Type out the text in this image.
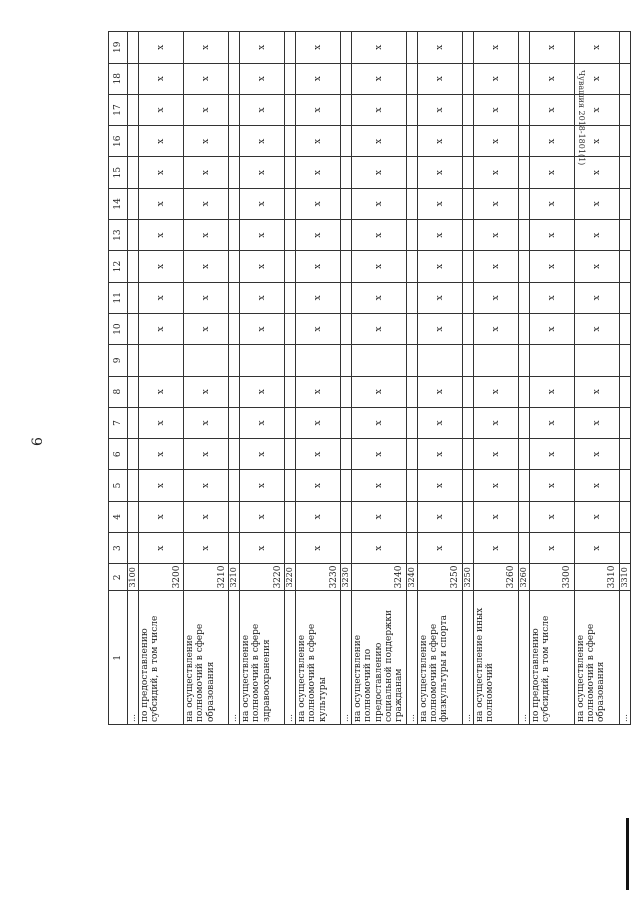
6
Чувашия 2018-1801(1)
1	2	3	4	5	6	7	8	9	10	11	12	13	14	15	16	17	18	19
…	3100																	
по предоставлению субсидий, в том числе	3200	x	x	x	x	x	x		x	x	x	x	x	x	x	x	x	x
на осуществление полномочий в сфере образования	3210	x	x	x	x	x	x		x	x	x	x	x	x	x	x	x	x
…	3210																	
на осуществление полномочий в сфере здравоохранения	3220	x	x	x	x	x	x		x	x	x	x	x	x	x	x	x	x
…	3220																	
на осуществление полномочий в сфере культуры	3230	x	x	x	x	x	x		x	x	x	x	x	x	x	x	x	x
…	3230																	
на осуществление полномочий по предоставлению социальной поддержки гражданам	3240	x	x	x	x	x	x		x	x	x	x	x	x	x	x	x	x
…	3240																	
на осуществление полномочий в сфере физкультуры и спорта	3250	x	x	x	x	x	x		x	x	x	x	x	x	x	x	x	x
…	3250																	
на осуществление иных полномочий	3260	x	x	x	x	x	x		x	x	x	x	x	x	x	x	x	x
…	3260																	
по предоставлению субсидий, в том числе	3300	x	x	x	x	x	x		x	x	x	x	x	x	x	x	x	x
на осуществление полномочий в сфере образования	3310	x	x	x	x	x	x		x	x	x	x	x	x	x	x	x	x
…	3310																	
